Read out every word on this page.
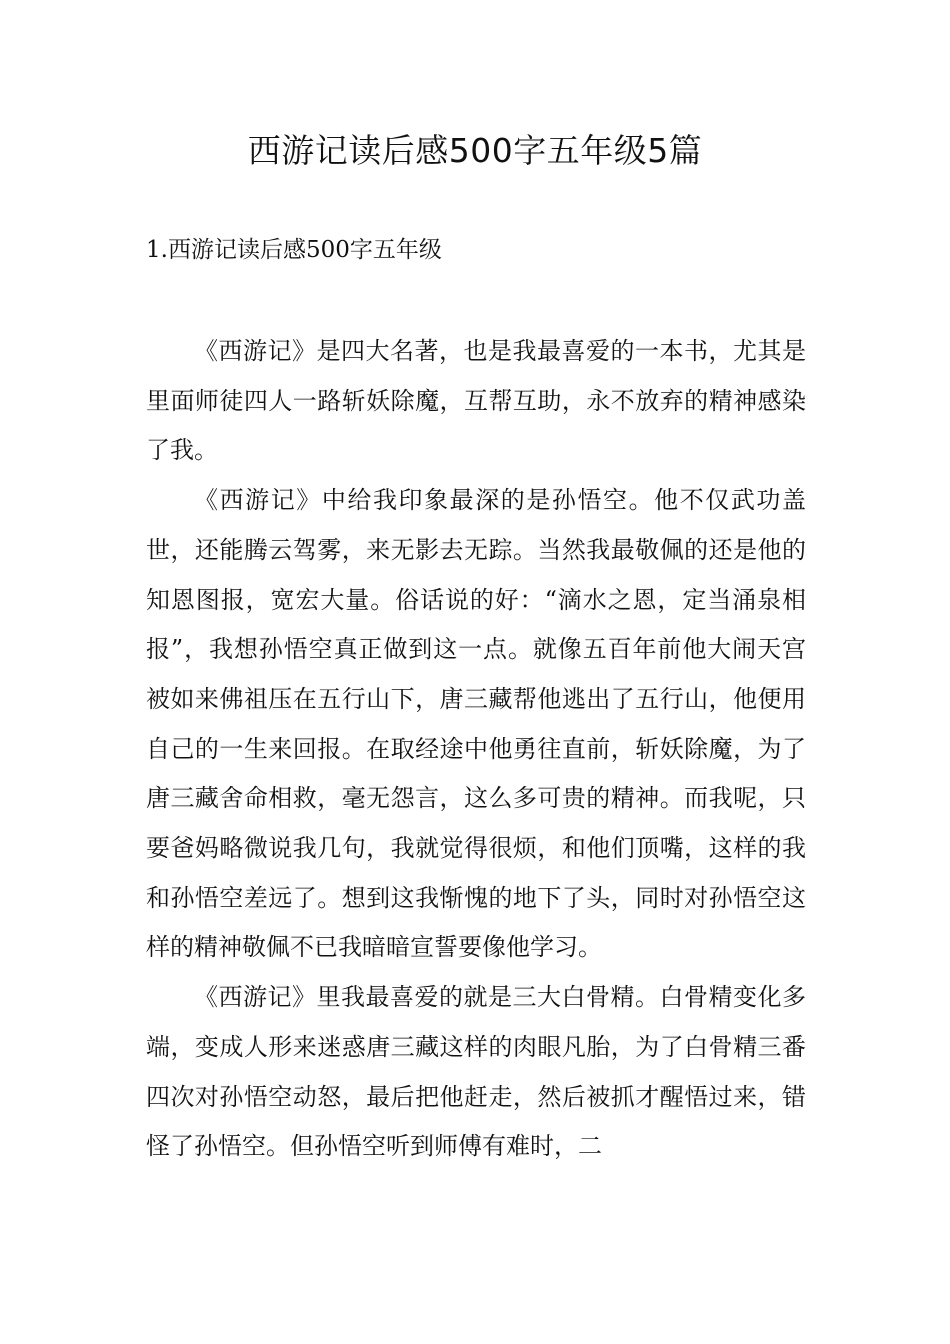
西游记读后感500字五年级5篇
1.西游记读后感500字五年级

《西游记》是四大名著，也是我最喜爱的一本书，尤其是里面师徒四人一路斩妖除魔，互帮互助，永不放弃的精神感染了我。

《西游记》中给我印象最深的是孙悟空。他不仅武功盖世，还能腾云驾雾，来无影去无踪。当然我最敬佩的还是他的知恩图报，宽宏大量。俗话说的好：“滴水之恩，定当涌泉相报”，我想孙悟空真正做到这一点。就像五百年前他大闹天宫被如来佛祖压在五行山下，唐三藏帮他逃出了五行山，他便用自己的一生来回报。在取经途中他勇往直前，斩妖除魔，为了唐三藏舍命相救，毫无怨言，这么多可贵的精神。而我呢，只要爸妈略微说我几句，我就觉得很烦，和他们顶嘴，这样的我和孙悟空差远了。想到这我惭愧的地下了头，同时对孙悟空这样的精神敬佩不已我暗暗宣誓要像他学习。

《西游记》里我最喜爱的就是三大白骨精。白骨精变化多端，变成人形来迷惑唐三藏这样的肉眼凡胎，为了白骨精三番四次对孙悟空动怒，最后把他赶走，然后被抓才醒悟过来，错怪了孙悟空。但孙悟空听到师傅有难时，二
